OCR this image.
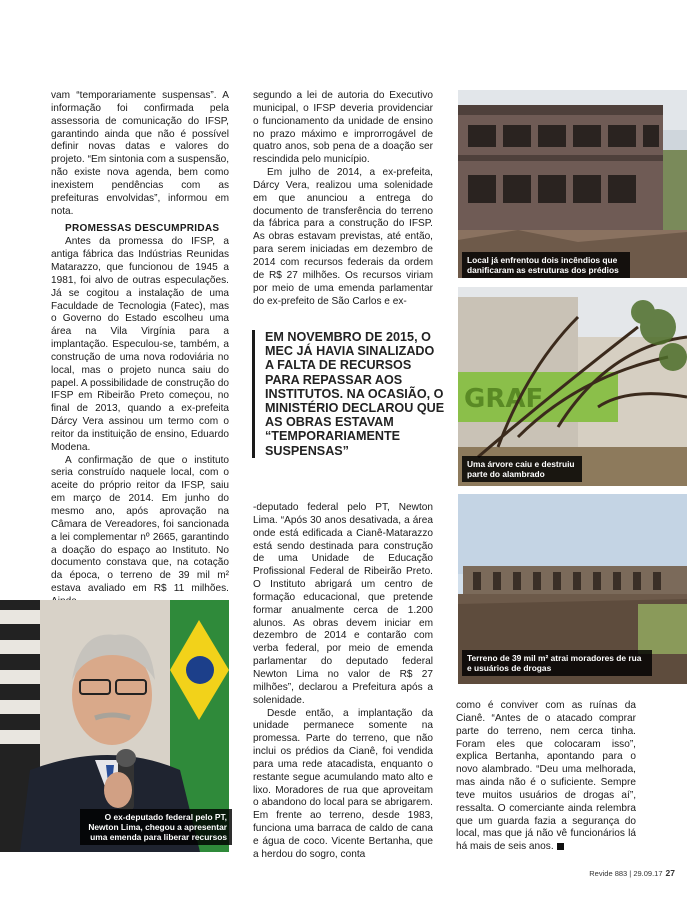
vam “temporariamente suspensas”. A informação foi confirmada pela assessoria de comunicação do IFSP, garantindo ainda que não é possível definir novas datas e valores do projeto. “Em sintonia com a suspensão, não existe nova agenda, bem como inexistem pendências com as prefeituras envolvidas”, informou em nota.

PROMESSAS DESCUMPRIDAS

Antes da promessa do IFSP, a antiga fábrica das Indústrias Reunidas Matarazzo, que funcionou de 1945 a 1981, foi alvo de outras especulações. Já se cogitou a instalação de uma Faculdade de Tecnologia (Fatec), mas o Governo do Estado escolheu uma área na Vila Virgínia para a implantação. Especulou-se, também, a construção de uma nova rodoviária no local, mas o projeto nunca saiu do papel. A possibilidade de construção do IFSP em Ribeirão Preto começou, no final de 2013, quando a ex-prefeita Dárcy Vera assinou um termo com o reitor da instituição de ensino, Eduardo Modena.

A confirmação de que o instituto seria construído naquele local, com o aceite do próprio reitor da IFSP, saiu em março de 2014. Em junho do mesmo ano, após aprovação na Câmara de Vereadores, foi sancionada a lei complementar nº 2665, garantindo a doação do espaço ao Instituto. No documento constava que, na cotação da época, o terreno de 39 mil m² estava avaliado em R$ 11 milhões.

segundo a lei de autoria do Executivo municipal, o IFSP deveria providenciar o funcionamento da unidade de ensino no prazo máximo e improrrogável de quatro anos, sob pena de a doação ser rescindida pelo município.

Em julho de 2014, a ex-prefeita, Dárcy Vera, realizou uma solenidade em que anunciou a entrega do documento de transferência do terreno da fábrica para a construção do IFSP. As obras estavam previstas, até então, para serem iniciadas em dezembro de 2014 com recursos federais da ordem de R$ 27 milhões. Os recursos viriam por meio de uma emenda parlamentar do ex-prefeito de São Carlos e ex-

EM NOVEMBRO DE 2015, O MEC JÁ HAVIA SINALIZADO A FALTA DE RECURSOS PARA REPASSAR AOS INSTITUTOS. NA OCASIÃO, O MINISTÉRIO DECLAROU QUE AS OBRAS ESTAVAM “TEMPORARIAMENTE SUSPENSAS”

-deputado federal pelo PT, Newton Lima. “Após 30 anos desativada, a área onde está edificada a Cianê-Matarazzo está sendo destinada para construção de uma Unidade de Educação Profissional Federal de Ribeirão Preto. O Instituto abrigará um centro de formação educacional, que pretende formar anualmente cerca de 1.200 alunos. As obras devem iniciar em dezembro de 2014 e contarão com verba federal, por meio de emenda parlamentar do deputado federal Newton Lima no valor de R$ 27 milhões”, declarou a Prefeitura após a solenidade.

Desde então, a implantação da unidade permanece somente na promessa. Parte do terreno, que não inclui os prédios da Cianê, foi vendida para uma rede atacadista, enquanto o restante segue acumulando mato alto e lixo. Moradores de rua que aproveitam o abandono do local para se abrigarem. Em frente ao terreno, desde 1983, funciona uma barraca de caldo de cana e água de coco. Vicente Bertanha, que a herdou do sogro, conta

como é conviver com as ruínas da Cianê. “Antes de o atacado comprar parte do terreno, nem cerca tinha. Foram eles que colocaram isso”, explica Bertanha, apontando para o novo alambrado. “Deu uma melhorada, mas ainda não é o suficiente. Sempre teve muitos usuários de drogas aí”, ressalta. O comerciante ainda relembra que um guarda fazia a segurança do local, mas que já não vê funcionários lá há mais de seis anos.

Local já enfrentou dois incêndios que danificaram as estruturas dos prédios
GRAF
Uma árvore caiu e destruiu parte do alambrado
Terreno de 39 mil m² atrai moradores de rua e usuários de drogas
O ex-deputado federal pelo PT, Newton Lima, chegou a apresentar uma emenda para liberar recursos
Revide 883 | 29.09.17 27
